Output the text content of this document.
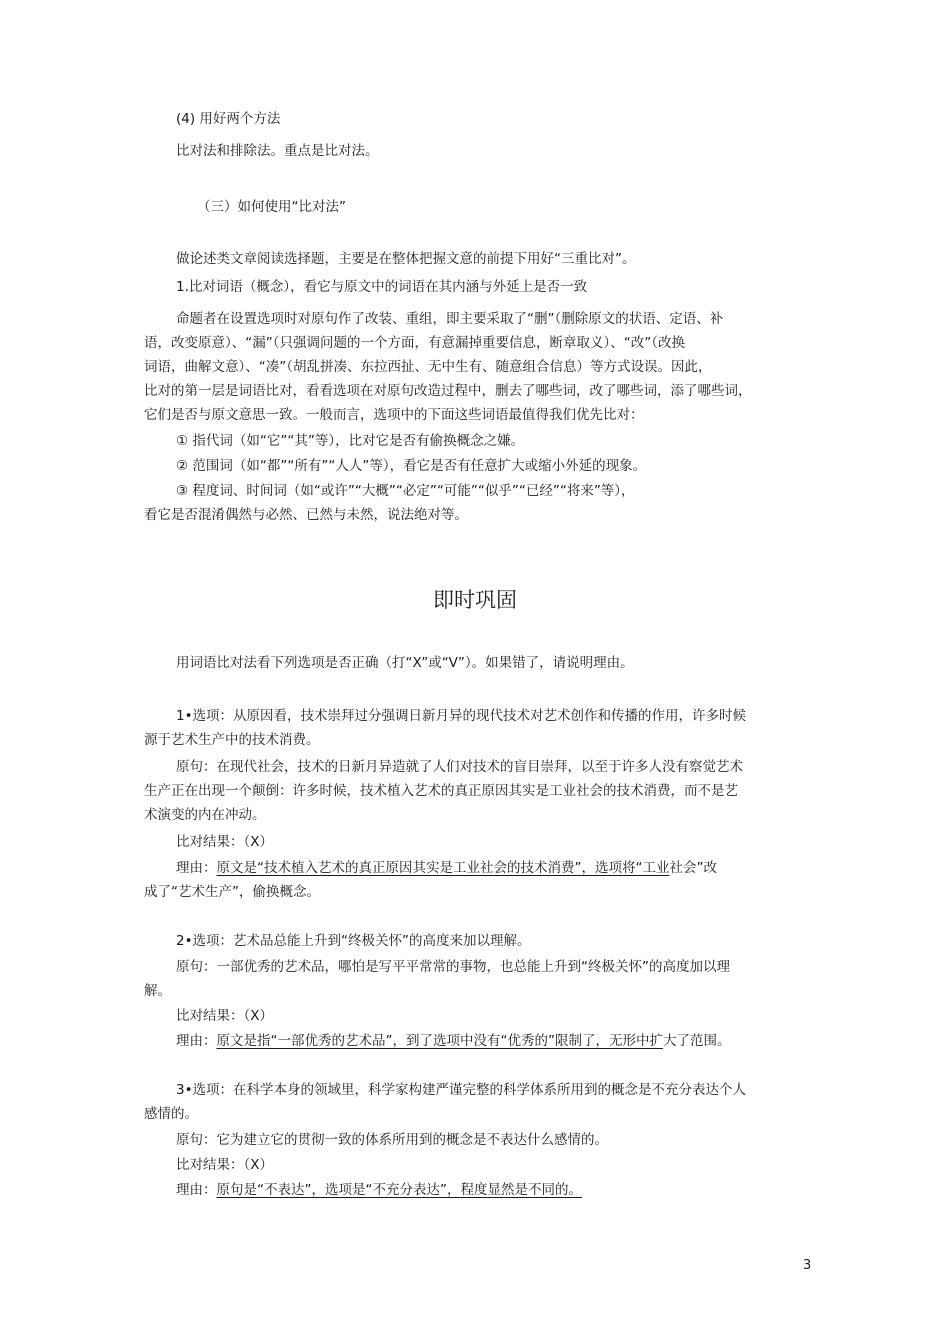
(4) 用好两个方法
比对法和排除法。重点是比对法。
（三）如何使用“比对法”
做论述类文章阅读选择题，主要是在整体把握文意的前提下用好“三重比对”。
1.比对词语（概念），看它与原文中的词语在其内涵与外延上是否一致
命题者在设置选项时对原句作了改装、重组，即主要采取了“删”（删除原文的状语、定语、补
语，改变原意）、“漏”（只强调问题的一个方面，有意漏掉重要信息，断章取义）、“改”（改换
词语，曲解文意）、“凑”（胡乱拼凑、东拉西扯、无中生有、随意组合信息）等方式设误。因此，
比对的第一层是词语比对，看看选项在对原句改造过程中，删去了哪些词，改了哪些词，添了哪些词，
它们是否与原文意思一致。一般而言，选项中的下面这些词语最值得我们优先比对：
① 指代词（如“它”“其”等），比对它是否有偷换概念之嫌。
② 范围词（如“都”“所有”“人人”等），看它是否有任意扩大或缩小外延的现象。
③ 程度词、时间词（如“或许”“大概”“必定”“可能”“似乎”“已经”“将来”等），
看它是否混淆偶然与必然、已然与未然，说法绝对等。
即时巩固
用词语比对法看下列选项是否正确（打“X”或“V”）。如果错了，请说明理由。
1•选项：从原因看，技术崇拜过分强调日新月异的现代技术对艺术创作和传播的作用，许多时候
源于艺术生产中的技术消费。
原句：在现代社会，技术的日新月异造就了人们对技术的盲目崇拜，以至于许多人没有察觉艺术
生产正在出现一个颠倒：许多时候，技术植入艺术的真正原因其实是工业社会的技术消费，而不是艺
术演变的内在冲动。
比对结果：（X）
理由：原文是“技术植入艺术的真正原因其实是工业社会的技术消费”，选项将“工业社会”改
成了“艺术生产”，偷换概念。
2•选项：艺术品总能上升到“终极关怀”的高度来加以理解。
原句：一部优秀的艺术品，哪怕是写平平常常的事物，也总能上升到“终极关怀”的高度加以理
解。
比对结果：（X）
理由：原文是指“一部优秀的艺术品”，到了选项中没有“优秀的”限制了，无形中扩大了范围。
3•选项：在科学本身的领域里，科学家构建严谨完整的科学体系所用到的概念是不充分表达个人
感情的。
原句：它为建立它的贯彻一致的体系所用到的概念是不表达什么感情的。
比对结果：（X）
理由：原句是“不表达”，选项是“不充分表达”，程度显然是不同的。
3
